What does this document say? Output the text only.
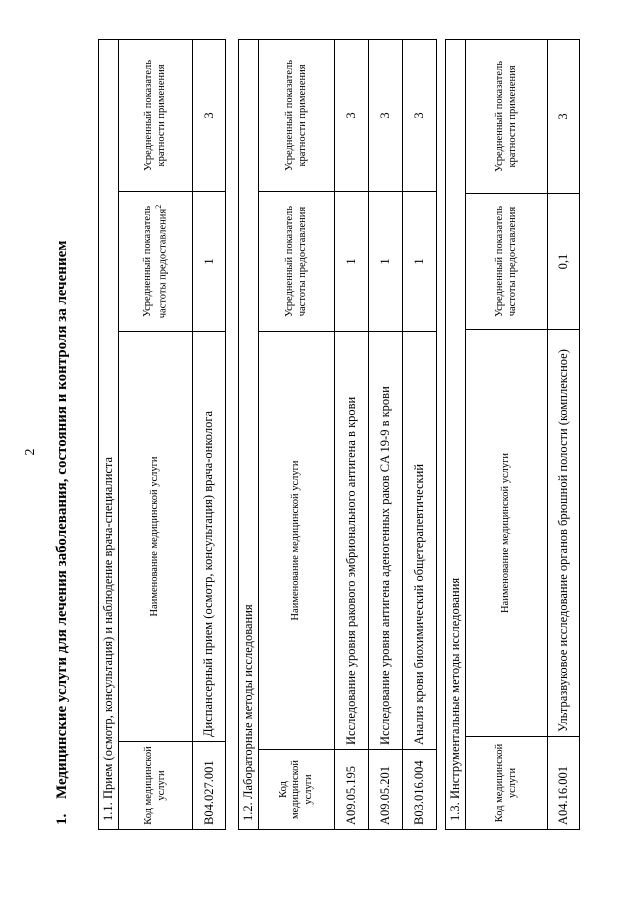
2
1.Медицинские услуги для лечения заболевания, состояния и контроля за лечением
1.1.Прием (осмотр, консультация) и наблюдение врача-специалиста			
Код медицинской услуги	Наименование медицинской услуги	Усредненный показатель частоты предоставления$^2$	Усредненный показатель кратности применения
B04.027.001	Диспансерный прием (осмотр, консультация) врача-онколога	1	3
1.2.Лабораторные методы исследования			
Код медицинской услуги	Наименование медицинской услуги	Усредненный показатель частоты предоставления	Усредненный показатель кратности применения
A09.05.195	Исследование уровня ракового эмбрионального антигена в крови	1	3
A09.05.201	Исследование уровня антигена аденогенных раков CA 19-9 в крови	1	3
B03.016.004	Анализ крови биохимический общетерапевтический	1	3
1.3.Инструментальные методы исследования			
Код медицинской услуги	Наименование медицинской услуги	Усредненный показатель частоты предоставления	Усредненный показатель кратности применения
A04.16.001	Ультразвуковое исследование органов брюшной полости (комплексное)	0,1	3
